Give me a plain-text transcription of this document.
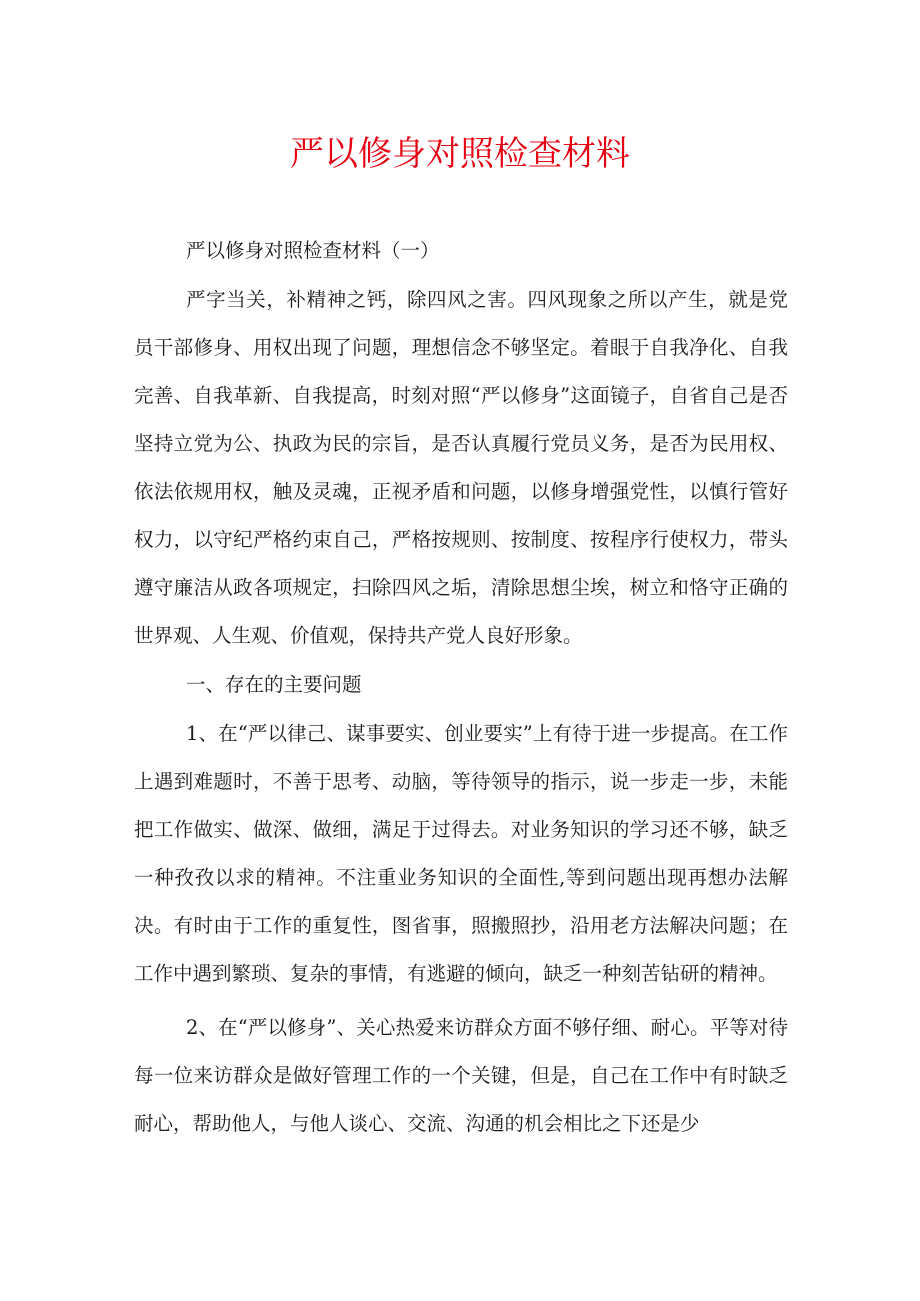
严以修身对照检查材料

严以修身对照检查材料（一）

严字当关，补精神之钙，除四风之害。四风现象之所以产生，就是党员干部修身、用权出现了问题，理想信念不够坚定。着眼于自我净化、自我完善、自我革新、自我提高，时刻对照“严以修身”这面镜子，自省自己是否坚持立党为公、执政为民的宗旨，是否认真履行党员义务，是否为民用权、依法依规用权，触及灵魂，正视矛盾和问题，以修身增强党性，以慎行管好权力，以守纪严格约束自己，严格按规则、按制度、按程序行使权力，带头遵守廉洁从政各项规定，扫除四风之垢，清除思想尘埃，树立和恪守正确的世界观、人生观、价值观，保持共产党人良好形象。

一、存在的主要问题

1、在“严以律己、谋事要实、创业要实”上有待于进一步提高。在工作上遇到难题时，不善于思考、动脑，等待领导的指示，说一步走一步，未能把工作做实、做深、做细，满足于过得去。对业务知识的学习还不够，缺乏一种孜孜以求的精神。不注重业务知识的全面性,等到问题出现再想办法解决。有时由于工作的重复性，图省事，照搬照抄，沿用老方法解决问题；在工作中遇到繁琐、复杂的事情，有逃避的倾向，缺乏一种刻苦钻研的精神。

2、在“严以修身”、关心热爱来访群众方面不够仔细、耐心。平等对待每一位来访群众是做好管理工作的一个关键，但是，自己在工作中有时缺乏耐心，帮助他人，与他人谈心、交流、沟通的机会相比之下还是少
